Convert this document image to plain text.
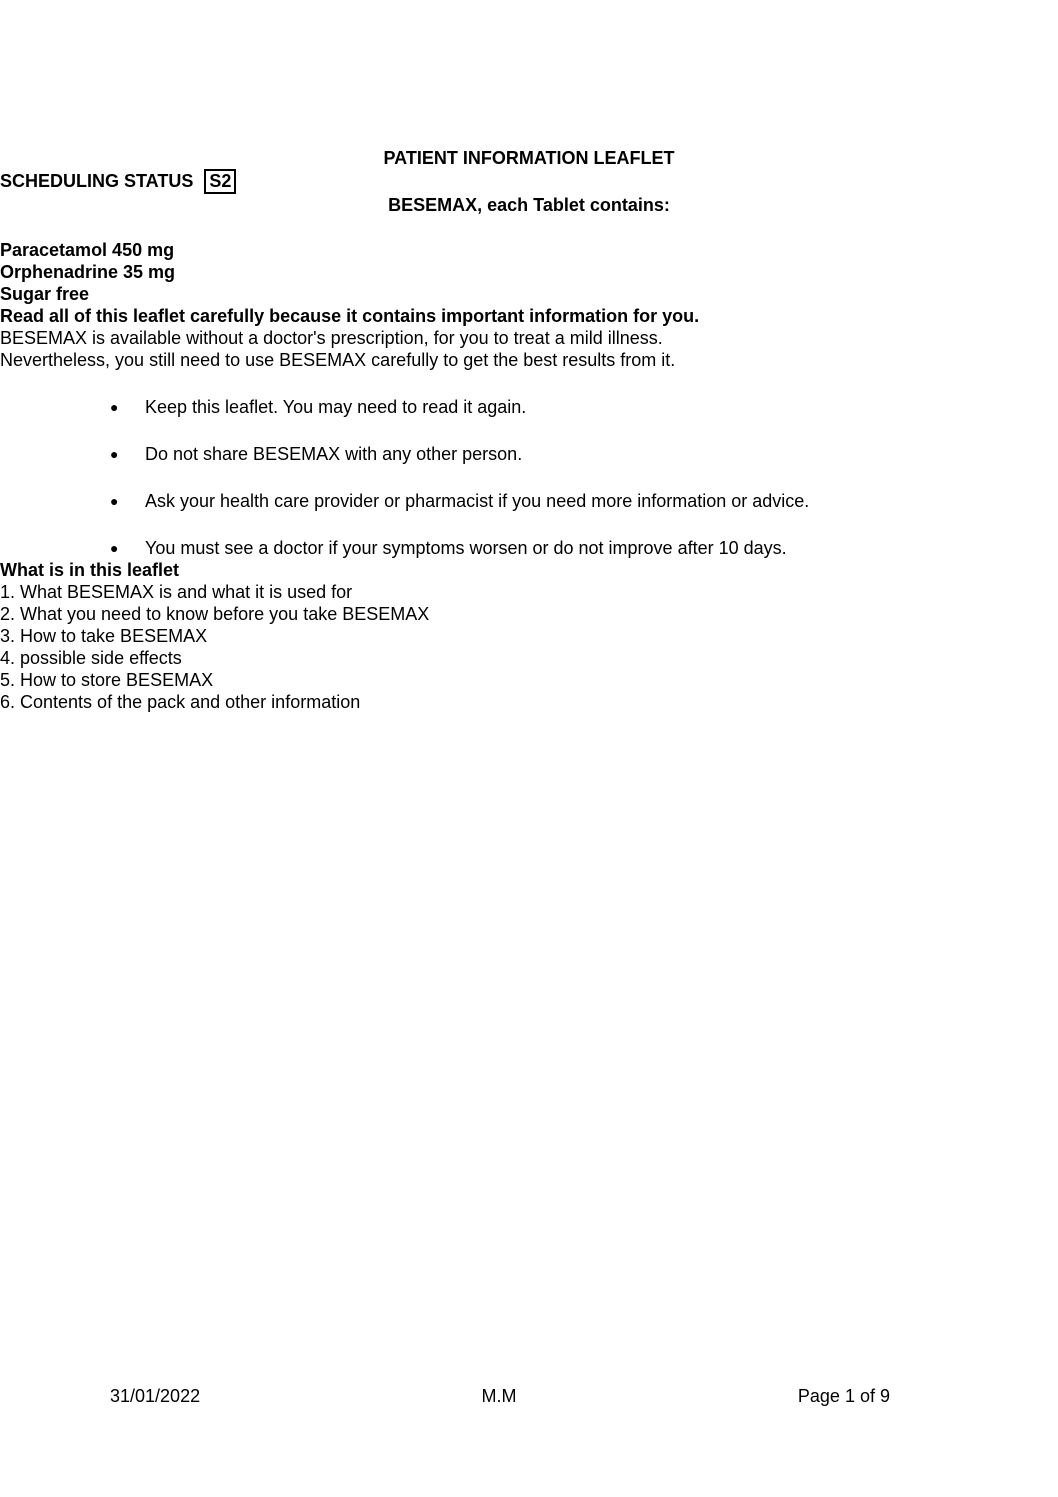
PATIENT INFORMATION LEAFLET

SCHEDULING STATUS S2

BESEMAX, each Tablet contains:

Paracetamol 450 mg

Orphenadrine 35 mg

Sugar free

Read all of this leaflet carefully because it contains important information for you.

BESEMAX is available without a doctor's prescription, for you to treat a mild illness.

Nevertheless, you still need to use BESEMAX carefully to get the best results from it.

●	Keep this leaflet. You may need to read it again.
●	Do not share BESEMAX with any other person.
●	Ask your health care provider or pharmacist if you need more information or advice.
●	You must see a doctor if your symptoms worsen or do not improve after 10 days.

What is in this leaflet

1. What BESEMAX is and what it is used for

2. What you need to know before you take BESEMAX

3. How to take BESEMAX

4. possible side effects

5. How to store BESEMAX

6. Contents of the pack and other information

31/01/2022	M.M	Page 1 of 9
